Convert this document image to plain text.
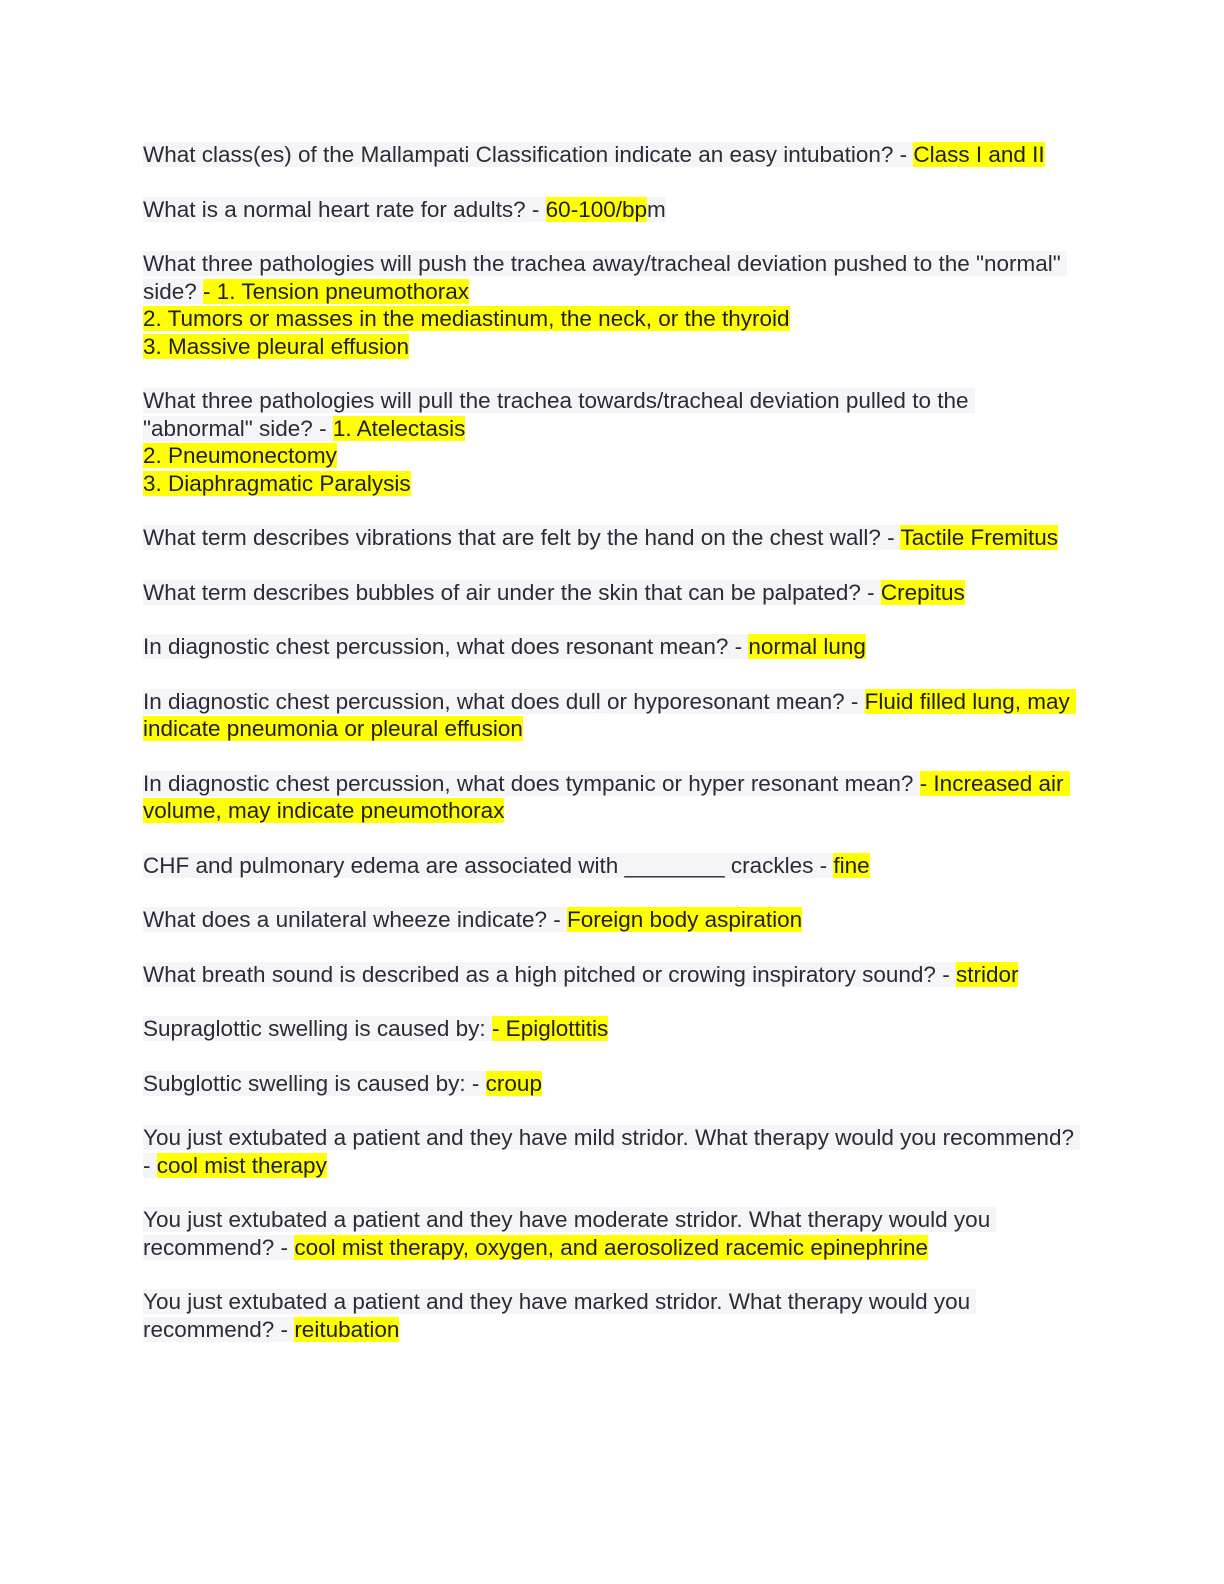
What class(es) of the Mallampati Classification indicate an easy intubation? - Class I and II

What is a normal heart rate for adults? - 60-100/bpm

What three pathologies will push the trachea away/tracheal deviation pushed to the "normal" side? - 1. Tension pneumothorax
2. Tumors or masses in the mediastinum, the neck, or the thyroid
3. Massive pleural effusion

What three pathologies will pull the trachea towards/tracheal deviation pulled to the "abnormal" side? - 1. Atelectasis
2. Pneumonectomy
3. Diaphragmatic Paralysis

What term describes vibrations that are felt by the hand on the chest wall? - Tactile Fremitus

What term describes bubbles of air under the skin that can be palpated? - Crepitus

In diagnostic chest percussion, what does resonant mean? - normal lung

In diagnostic chest percussion, what does dull or hyporesonant mean? - Fluid filled lung, may indicate pneumonia or pleural effusion

In diagnostic chest percussion, what does tympanic or hyper resonant mean? - Increased air volume, may indicate pneumothorax

CHF and pulmonary edema are associated with ________ crackles - fine

What does a unilateral wheeze indicate? - Foreign body aspiration

What breath sound is described as a high pitched or crowing inspiratory sound? - stridor

Supraglottic swelling is caused by: - Epiglottitis

Subglottic swelling is caused by: - croup

You just extubated a patient and they have mild stridor. What therapy would you recommend? - cool mist therapy

You just extubated a patient and they have moderate stridor. What therapy would you recommend? - cool mist therapy, oxygen, and aerosolized racemic epinephrine

You just extubated a patient and they have marked stridor. What therapy would you recommend? - reitubation
